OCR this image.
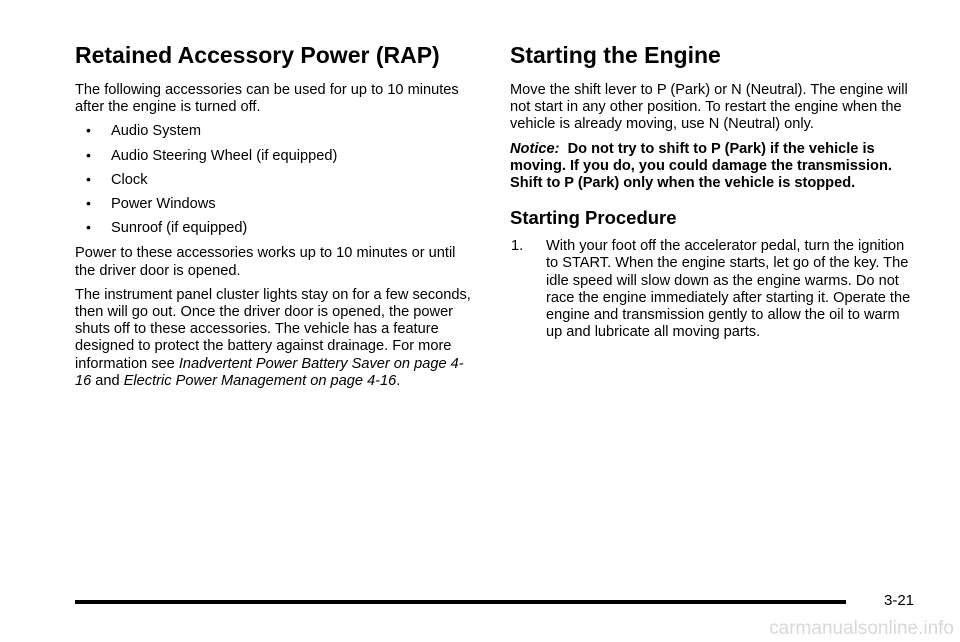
Retained Accessory Power (RAP)

The following accessories can be used for up to 10 minutes after the engine is turned off.

• Audio System
• Audio Steering Wheel (if equipped)
• Clock
• Power Windows
• Sunroof (if equipped)

Power to these accessories works up to 10 minutes or until the driver door is opened.

The instrument panel cluster lights stay on for a few seconds, then will go out. Once the driver door is opened, the power shuts off to these accessories. The vehicle has a feature designed to protect the battery against drainage. For more information see Inadvertent Power Battery Saver on page 4-16 and Electric Power Management on page 4-16.

Starting the Engine

Move the shift lever to P (Park) or N (Neutral). The engine will not start in any other position. To restart the engine when the vehicle is already moving, use N (Neutral) only.

Notice: Do not try to shift to P (Park) if the vehicle is moving. If you do, you could damage the transmission. Shift to P (Park) only when the vehicle is stopped.

Starting Procedure
1. With your foot off the accelerator pedal, turn the ignition to START. When the engine starts, let go of the key. The idle speed will slow down as the engine warms. Do not race the engine immediately after starting it. Operate the engine and transmission gently to allow the oil to warm up and lubricate all moving parts.
3-21
carmanualsonline.info
